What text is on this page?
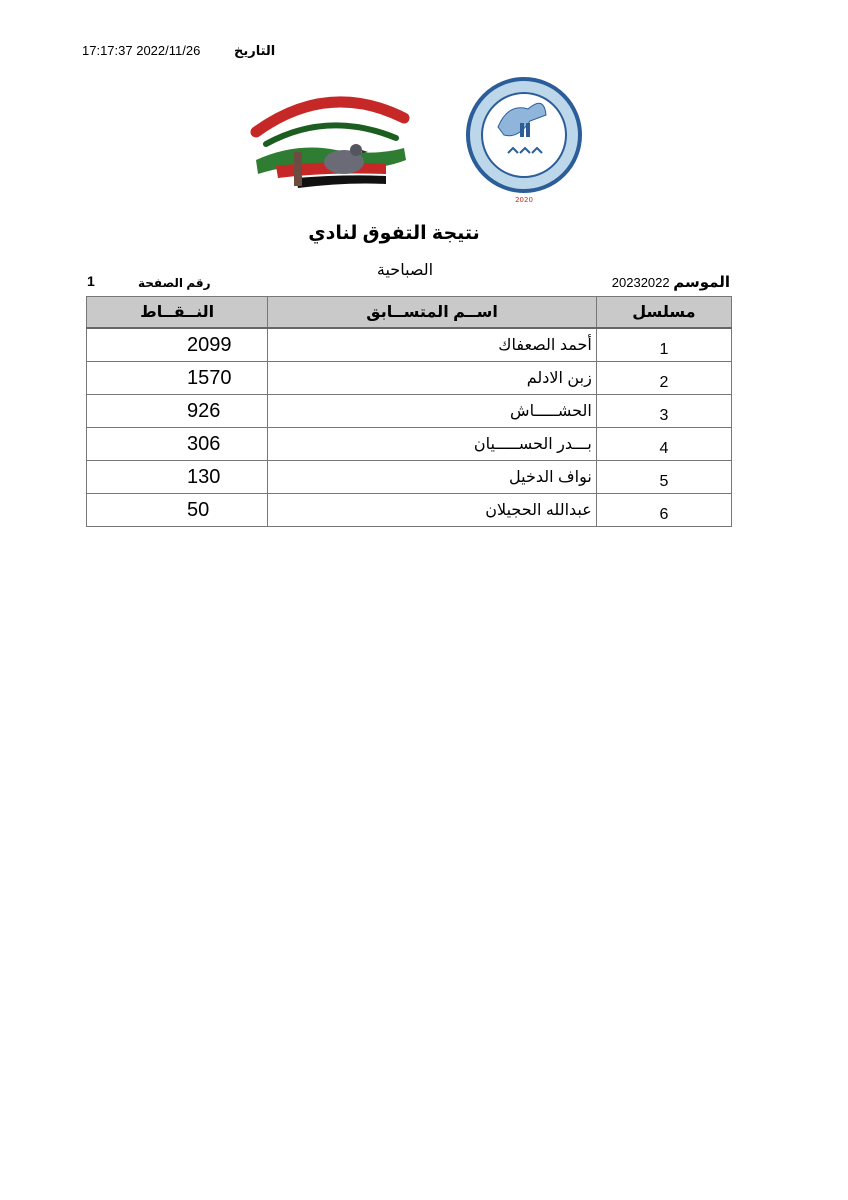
17:17:37 2022/11/26	التاريخ
2020
نتيجة التفوق لنادي
الصباحية
الموسم 20232022
رقم الصفحة
1
مسلسل	اســم المتســابق	النــقــاط
1	أحمد الصعفاك	2099
2	زبن الادلم	1570
3	الحشـــــاش	926
4	بـــدر الحســـــيان	306
5	نواف الدخيل	130
6	عبدالله الحجيلان	50
